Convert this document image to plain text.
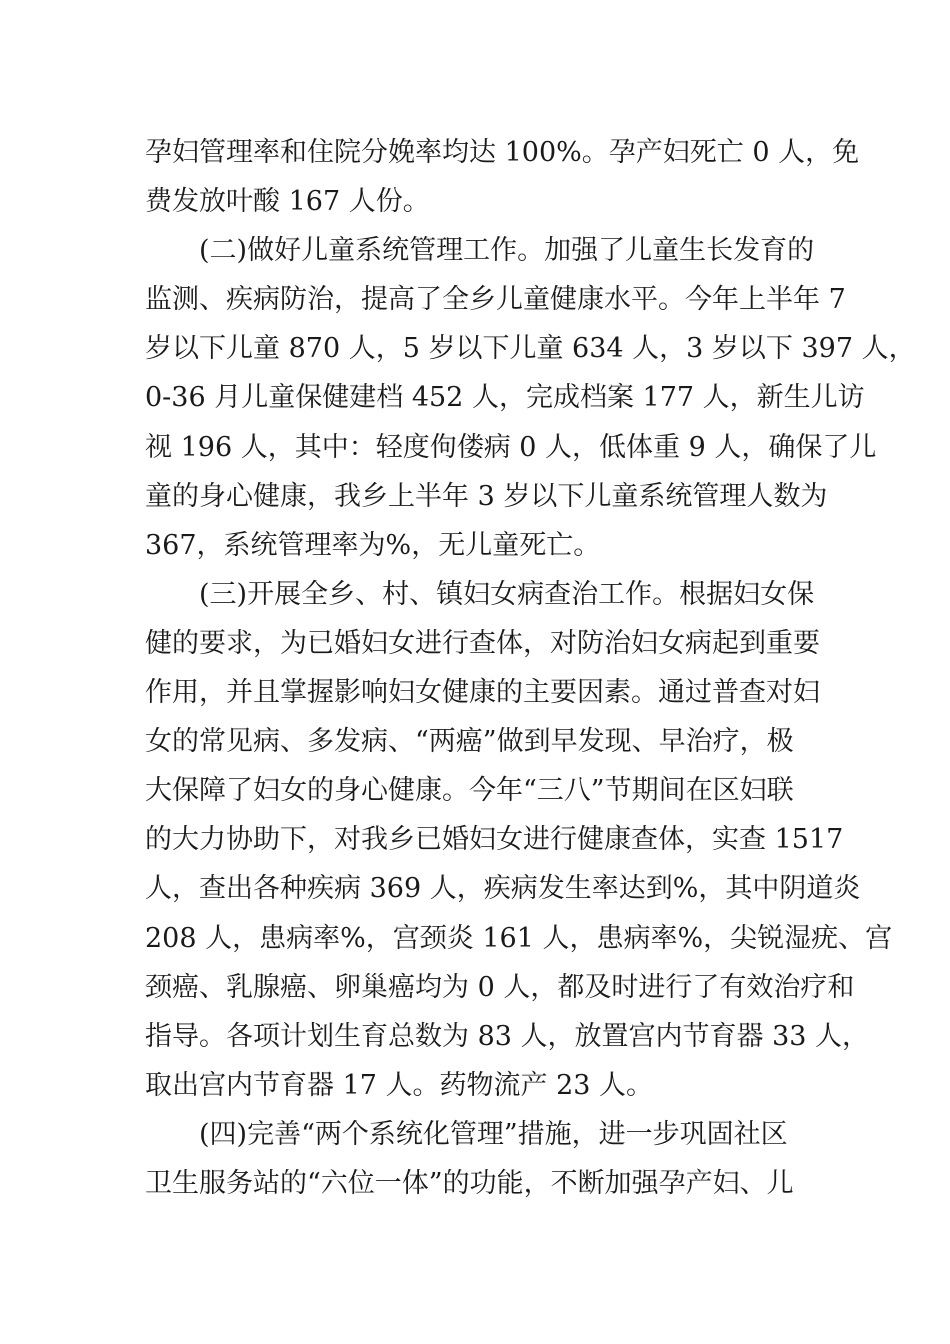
孕妇管理率和住院分娩率均达 100%。孕产妇死亡 0 人，免
费发放叶酸 167 人份。
(二)做好儿童系统管理工作。加强了儿童生长发育的
监测、疾病防治，提高了全乡儿童健康水平。今年上半年 7
岁以下儿童 870 人，5 岁以下儿童 634 人，3 岁以下 397 人，
0-36 月儿童保健建档 452 人，完成档案 177 人，新生儿访
视 196 人，其中：轻度佝偻病 0 人，低体重 9 人，确保了儿
童的身心健康，我乡上半年 3 岁以下儿童系统管理人数为
367，系统管理率为%，无儿童死亡。
(三)开展全乡、村、镇妇女病查治工作。根据妇女保
健的要求，为已婚妇女进行查体，对防治妇女病起到重要
作用，并且掌握影响妇女健康的主要因素。通过普查对妇
女的常见病、多发病、“两癌”做到早发现、早治疗，极
大保障了妇女的身心健康。今年“三八”节期间在区妇联
的大力协助下，对我乡已婚妇女进行健康查体，实查 1517
人，查出各种疾病 369 人，疾病发生率达到%，其中阴道炎
208 人，患病率%，宫颈炎 161 人，患病率%，尖锐湿疣、宫
颈癌、乳腺癌、卵巢癌均为 0 人，都及时进行了有效治疗和
指导。各项计划生育总数为 83 人，放置宫内节育器 33 人，
取出宫内节育器 17 人。药物流产 23 人。
(四)完善“两个系统化管理”措施，进一步巩固社区
卫生服务站的“六位一体”的功能，不断加强孕产妇、儿
